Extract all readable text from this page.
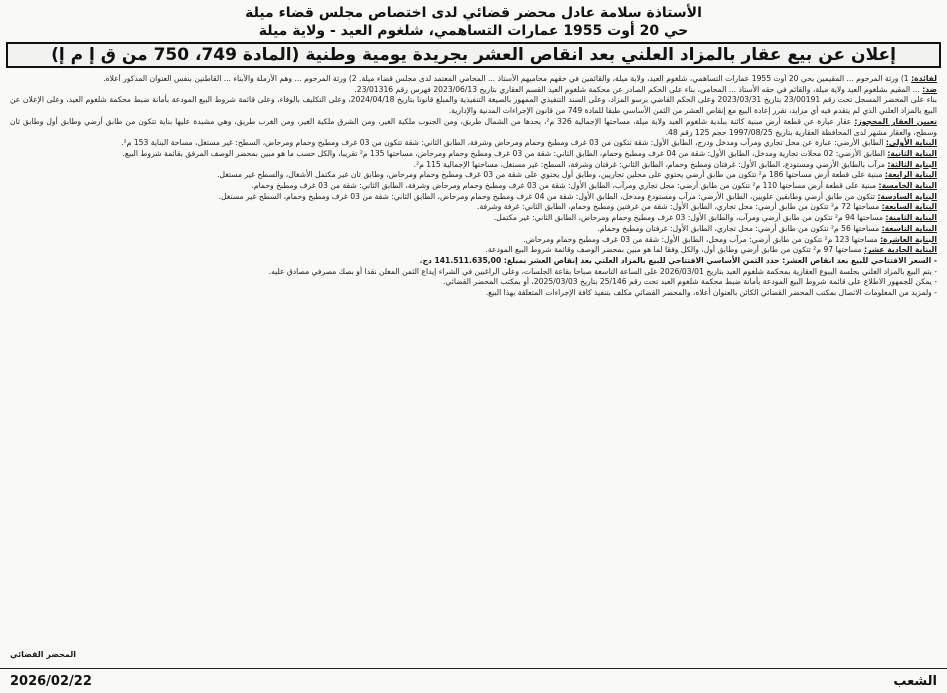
الأستاذة سلامة عادل محضر قضائي لدى اختصاص مجلس قضاء ميلة
حي 20 أوت 1955 عمارات التساهمي، شلغوم العيد - ولاية ميلة
إعلان عن بيع عقار بالمزاد العلني بعد انقاص العشر بجريدة يومية وطنية (المادة 749، 750 من ق إ م إ)

لفائدة: 1) ورثة المرحوم ... المقيمين بحي 20 أوت 1955 عمارات التساهمي، شلغوم العيد، ولاية ميلة، والقائمين في حقهم محاميهم الأستاذ ... المحامي المعتمد لدى مجلس قضاء ميلة. 2) ورثة المرحوم ... وهم الأرملة والأبناء ... القاطنين بنفس العنوان المذكور أعلاه.

ضد: ... المقيم بشلغوم العيد ولاية ميلة، والقائم في حقه الأستاذ ... المحامي، بناء على الحكم الصادر عن محكمة شلغوم العيد القسم العقاري بتاريخ 2023/06/13 فهرس رقم 23/01316.

بناء على المحضر المسجل تحت رقم 23/00191 بتاريخ 2023/03/31 وعلى الحكم القاضي برسو المزاد، وعلى السند التنفيذي الممهور بالصيغة التنفيذية والمبلغ قانونا بتاريخ 2024/04/18، وعلى التكليف بالوفاء، وعلى قائمة شروط البيع المودعة بأمانة ضبط محكمة شلغوم العيد، وعلى الإعلان عن البيع بالمزاد العلني الذي لم يتقدم فيه أي مزايد، تقرر إعادة البيع مع إنقاص العشر من الثمن الأساسي طبقا للمادة 749 من قانون الإجراءات المدنية والإدارية.

تعيين العقار المحجوز: عقار عبارة عن قطعة أرض مبنية كائنة ببلدية شلغوم العيد ولاية ميلة، مساحتها الإجمالية 326 م²، يحدها من الشمال طريق، ومن الجنوب ملكية الغير، ومن الشرق ملكية الغير، ومن الغرب طريق، وهي مشيدة عليها بناية تتكون من طابق أرضي وطابق أول وطابق ثان وسطح، والعقار مشهر لدى المحافظة العقارية بتاريخ 1997/08/25 حجم 125 رقم 48.

البناية الأولى: الطابق الأرضي: عبارة عن محل تجاري ومرآب ومدخل ودرج، الطابق الأول: شقة تتكون من 03 غرف ومطبخ وحمام ومرحاض وشرفة، الطابق الثاني: شقة تتكون من 03 غرف ومطبخ وحمام ومرحاض، السطح: غير مستغل، مساحة البناية 153 م².

البناية الثانية: الطابق الأرضي: 02 محلات تجارية ومدخل، الطابق الأول: شقة من 04 غرف ومطبخ وحمام، الطابق الثاني: شقة من 03 غرف ومطبخ وحمام ومرحاض، مساحتها 135 م² تقريبا، والكل حسب ما هو مبين بمحضر الوصف المرفق بقائمة شروط البيع.

البناية الثالثة: مرآب بالطابق الأرضي ومستودع، الطابق الأول: غرفتان ومطبخ وحمام، الطابق الثاني: غرفتان وشرفة، السطح: غير مستغل، مساحتها الإجمالية 115 م².

البناية الرابعة: مبنية على قطعة أرض مساحتها 186 م² تتكون من طابق أرضي يحتوي على محلين تجاريين، وطابق أول يحتوي على شقة من 03 غرف ومطبخ وحمام ومرحاض، وطابق ثان غير مكتمل الأشغال، والسطح غير مستغل.

البناية الخامسة: مبنية على قطعة أرض مساحتها 110 م² تتكون من طابق أرضي: محل تجاري ومرآب، الطابق الأول: شقة من 03 غرف ومطبخ وحمام ومرحاض وشرفة، الطابق الثاني: شقة من 03 غرف ومطبخ وحمام.

البناية السادسة: تتكون من طابق أرضي وطابقين علويين، الطابق الأرضي: مرآب ومستودع ومدخل، الطابق الأول: شقة من 04 غرف ومطبخ وحمام ومرحاض، الطابق الثاني: شقة من 03 غرف ومطبخ وحمام، السطح غير مستغل.

البناية السابعة: مساحتها 72 م² تتكون من طابق أرضي: محل تجاري، الطابق الأول: شقة من غرفتين ومطبخ وحمام، الطابق الثاني: غرفة وشرفة.

البناية الثامنة: مساحتها 94 م² تتكون من طابق أرضي ومرآب، والطابق الأول: 03 غرف ومطبخ وحمام ومرحاض، الطابق الثاني: غير مكتمل.

البناية التاسعة: مساحتها 56 م² تتكون من طابق أرضي: محل تجاري، الطابق الأول: غرفتان ومطبخ وحمام.

البناية العاشرة: مساحتها 123 م² تتكون من طابق أرضي: مرآب ومحل، الطابق الأول: شقة من 03 غرف ومطبخ وحمام ومرحاض.

البناية الحادية عشر: مساحتها 97 م² تتكون من طابق أرضي وطابق أول، والكل وفقا لما هو مبين بمحضر الوصف وقائمة شروط البيع المودعة.

- السعر الافتتاحي للبيع بعد انقاص العشر: حدد الثمن الأساسي الافتتاحي للبيع بالمزاد العلني بعد إنقاص العشر بمبلغ: 141.511.635,00 دج.

- يتم البيع بالمزاد العلني بجلسة البيوع العقارية بمحكمة شلغوم العيد بتاريخ 2026/03/01 على الساعة التاسعة صباحا بقاعة الجلسات، وعلى الراغبين في الشراء إيداع الثمن المعلن نقدا أو بصك مصرفي مصادق عليه.

- يمكن للجمهور الاطلاع على قائمة شروط البيع المودعة بأمانة ضبط محكمة شلغوم العيد تحت رقم 25/146 بتاريخ 2025/03/03، أو بمكتب المحضر القضائي.

- ولمزيد من المعلومات الاتصال بمكتب المحضر القضائي الكائن بالعنوان أعلاه، والمحضر القضائي مكلف بتنفيذ كافة الإجراءات المتعلقة بهذا البيع.

المحضر القضائي
2026/02/22	الشعب
